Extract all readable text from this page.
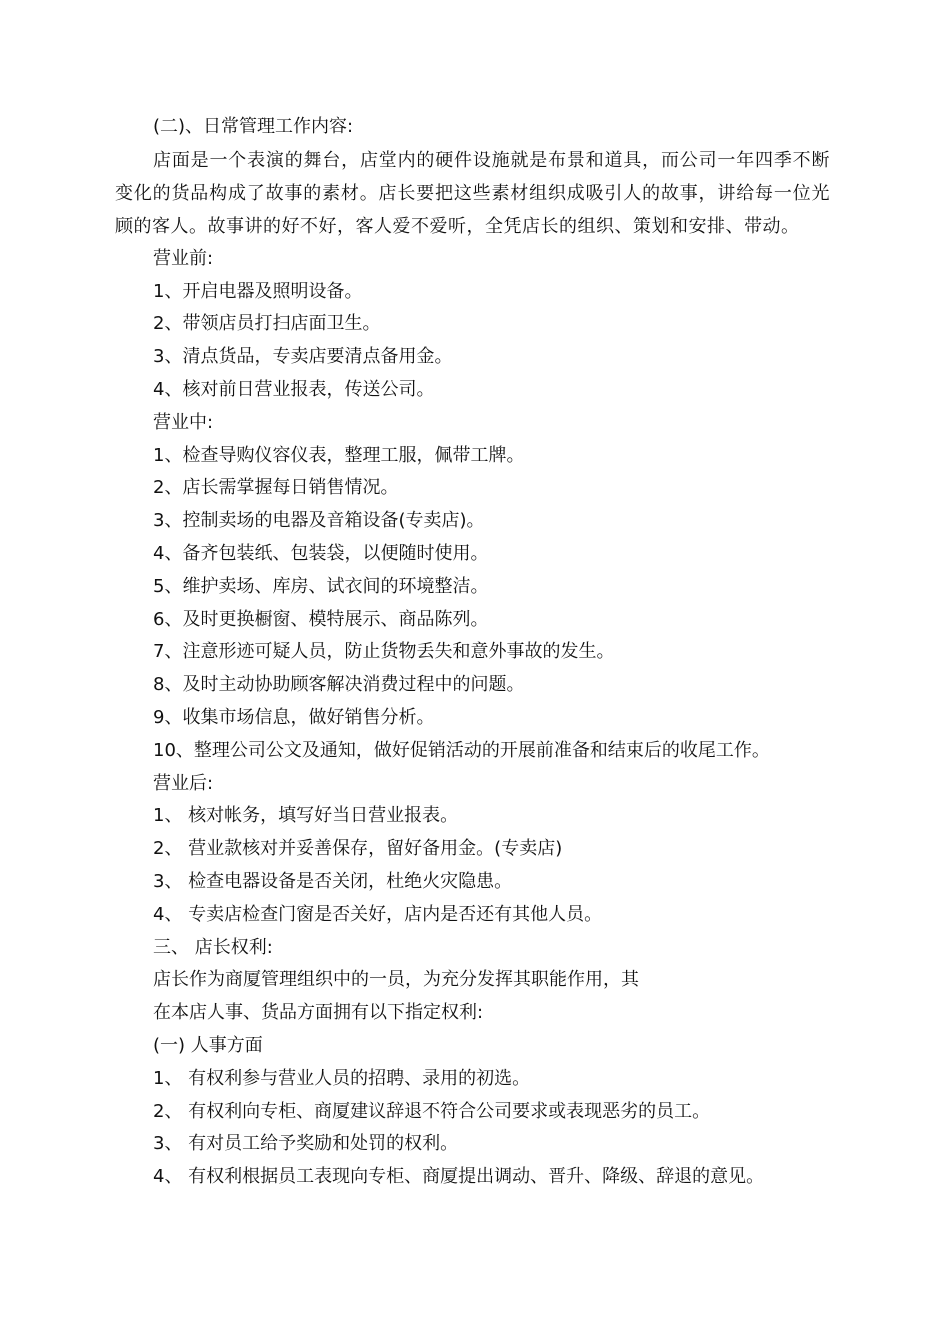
(二)、日常管理工作内容:
店面是一个表演的舞台，店堂内的硬件设施就是布景和道具，而公司一年四季不断变化的货品构成了故事的素材。店长要把这些素材组织成吸引人的故事，讲给每一位光顾的客人。故事讲的好不好，客人爱不爱听，全凭店长的组织、策划和安排、带动。
营业前:
1、开启电器及照明设备。
2、带领店员打扫店面卫生。
3、清点货品，专卖店要清点备用金。
4、核对前日营业报表，传送公司。
营业中:
1、检查导购仪容仪表，整理工服，佩带工牌。
2、店长需掌握每日销售情况。
3、控制卖场的电器及音箱设备(专卖店)。
4、备齐包装纸、包装袋，以便随时使用。
5、维护卖场、库房、试衣间的环境整洁。
6、及时更换橱窗、模特展示、商品陈列。
7、注意形迹可疑人员，防止货物丢失和意外事故的发生。
8、及时主动协助顾客解决消费过程中的问题。
9、收集市场信息，做好销售分析。
10、整理公司公文及通知，做好促销活动的开展前准备和结束后的收尾工作。
营业后:
1、 核对帐务，填写好当日营业报表。
2、 营业款核对并妥善保存，留好备用金。(专卖店)
3、 检查电器设备是否关闭，杜绝火灾隐患。
4、 专卖店检查门窗是否关好，店内是否还有其他人员。
三、 店长权利:
店长作为商厦管理组织中的一员，为充分发挥其职能作用，其
在本店人事、货品方面拥有以下指定权利:
(一) 人事方面
1、 有权利参与营业人员的招聘、录用的初选。
2、 有权利向专柜、商厦建议辞退不符合公司要求或表现恶劣的员工。
3、 有对员工给予奖励和处罚的权利。
4、 有权利根据员工表现向专柜、商厦提出调动、晋升、降级、辞退的意见。
